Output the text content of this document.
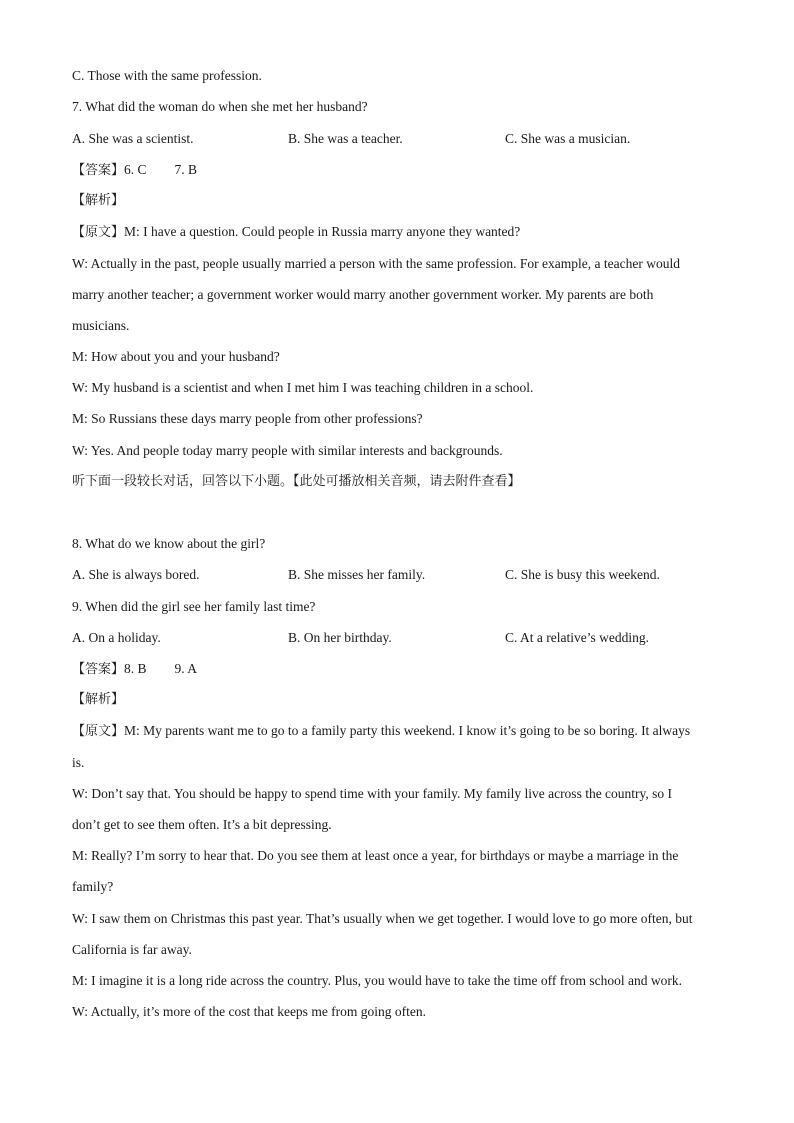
C. Those with the same profession.
7. What did the woman do when she met her husband?
A. She was a scientist.	B. She was a teacher.	C. She was a musician.
【答案】6. C 7. B
【解析】
【原文】M: I have a question. Could people in Russia marry anyone they wanted?
W: Actually in the past, people usually married a person with the same profession. For example, a teacher would
marry another teacher; a government worker would marry another government worker. My parents are both
musicians.
M: How about you and your husband?
W: My husband is a scientist and when I met him I was teaching children in a school.
M: So Russians these days marry people from other professions?
W: Yes. And people today marry people with similar interests and backgrounds.
听下面一段较长对话，回答以下小题。【此处可播放相关音频，请去附件查看】
8. What do we know about the girl?
A. She is always bored.	B. She misses her family.	C. She is busy this weekend.
9. When did the girl see her family last time?
A. On a holiday.	B. On her birthday.	C. At a relative’s wedding.
【答案】8. B 9. A
【解析】
【原文】M: My parents want me to go to a family party this weekend. I know it’s going to be so boring. It always
is.
W: Don’t say that. You should be happy to spend time with your family. My family live across the country, so I
don’t get to see them often. It’s a bit depressing.
M: Really? I’m sorry to hear that. Do you see them at least once a year, for birthdays or maybe a marriage in the
family?
W: I saw them on Christmas this past year. That’s usually when we get together. I would love to go more often, but
California is far away.
M: I imagine it is a long ride across the country. Plus, you would have to take the time off from school and work.
W: Actually, it’s more of the cost that keeps me from going often.
